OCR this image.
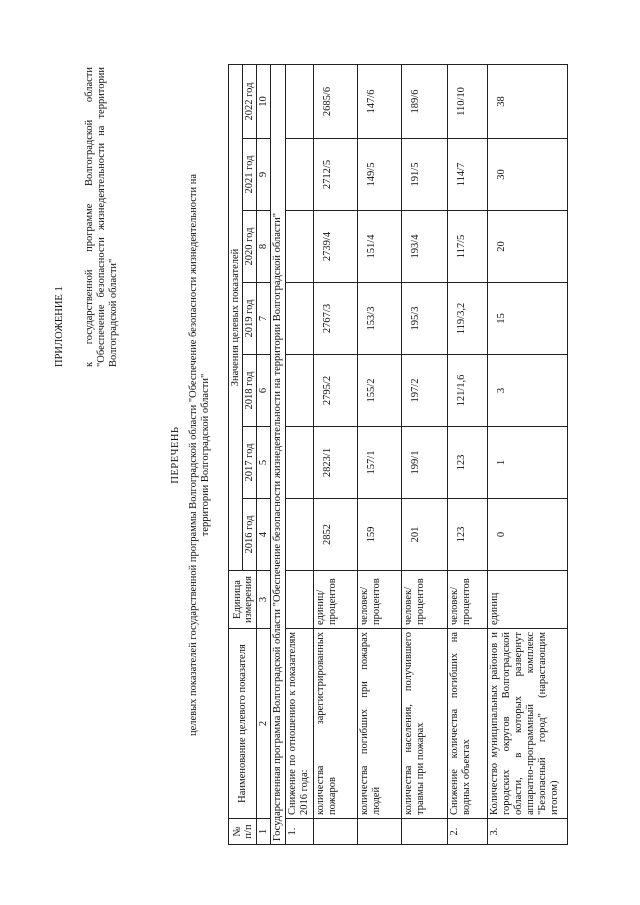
ПРИЛОЖЕНИЕ 1 к государственной программе Волгоградской области "Обеспечение безопасности жизнедеятельности на территории Волгоградской области"
ПЕРЕЧЕНЬ целевых показателей государственной программы Волгоградской области "Обеспечение безопасности жизнедеятельности на территории Волгоградской области"
№ п/п	Наименование целевого показателя	Единица измерения	Значения целевых показателей						
			2016 год	2017 год	2018 год	2019 год	2020 год	2021 год	2022 год
1	2	3	4	5	6	7	8	9	10
Государственная программа Волгоградской области "Обеспечение безопасности жизнедеятельности на территории Волгоградской области"									
1.	Снижение по отношению к показателям 2016 года:								
	количества зарегистрированных пожаров	единиц/ процентов	2852	2823/1	2795/2	2767/3	2739/4	2712/5	2685/6
	количества погибших при пожарах людей	человек/ процентов	159	157/1	155/2	153/3	151/4	149/5	147/6
	количества населения, получившего травмы при пожарах	человек/ процентов	201	199/1	197/2	195/3	193/4	191/5	189/6
2.	Снижение количества погибших на водных объектах	человек/ процентов	123	123	121/1,6	119/3,2	117/5	114/7	110/10
3.	Количество муниципальных районов и городских округов Волгоградской области, в которых развернут аппаратно-программный комплекс "Безопасный город" (нарастающим итогом)	единиц	0	1	3	15	20	30	38
